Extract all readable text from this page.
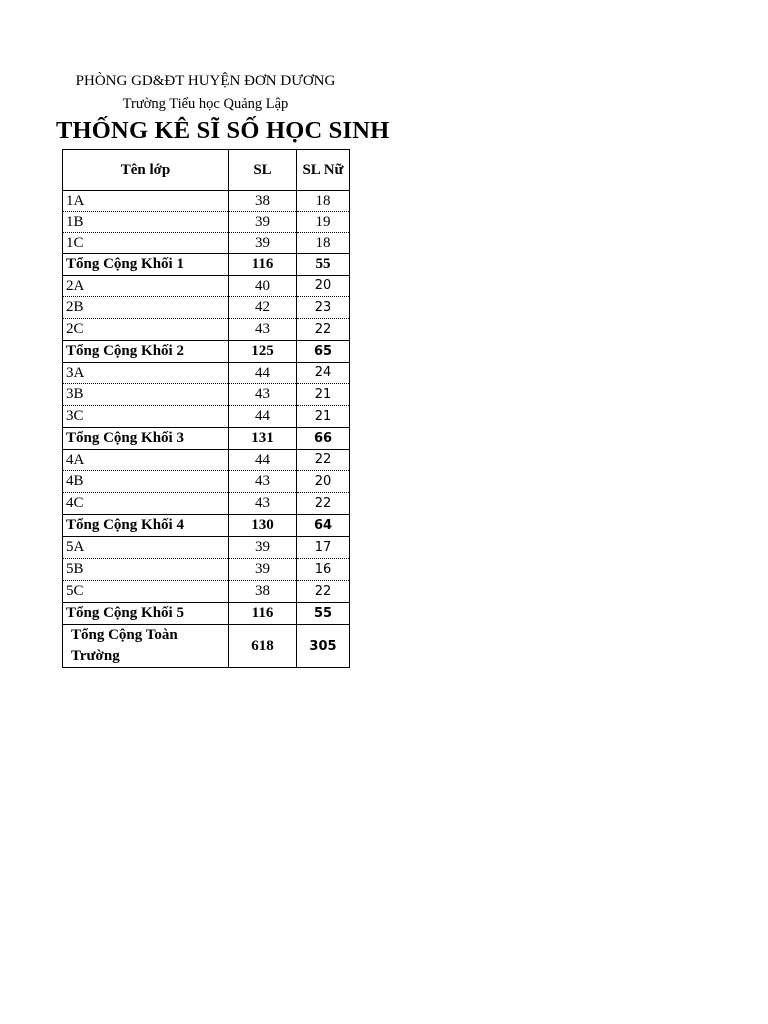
PHÒNG GD&ĐT HUYỆN ĐƠN DƯƠNG
Trường Tiểu học Quảng Lập
THỐNG KÊ SĨ SỐ HỌC SINH
Tên lớp	SL	SL Nữ
1A	38	18
1B	39	19
1C	39	18
Tổng Cộng Khối 1	116	55
2A	40	20
2B	42	23
2C	43	22
Tổng Cộng Khối 2	125	65
3A	44	24
3B	43	21
3C	44	21
Tổng Cộng Khối 3	131	66
4A	44	22
4B	43	20
4C	43	22
Tổng Cộng Khối 4	130	64
5A	39	17
5B	39	16
5C	38	22
Tổng Cộng Khối 5	116	55
Tổng Cộng Toàn Trường	618	305
